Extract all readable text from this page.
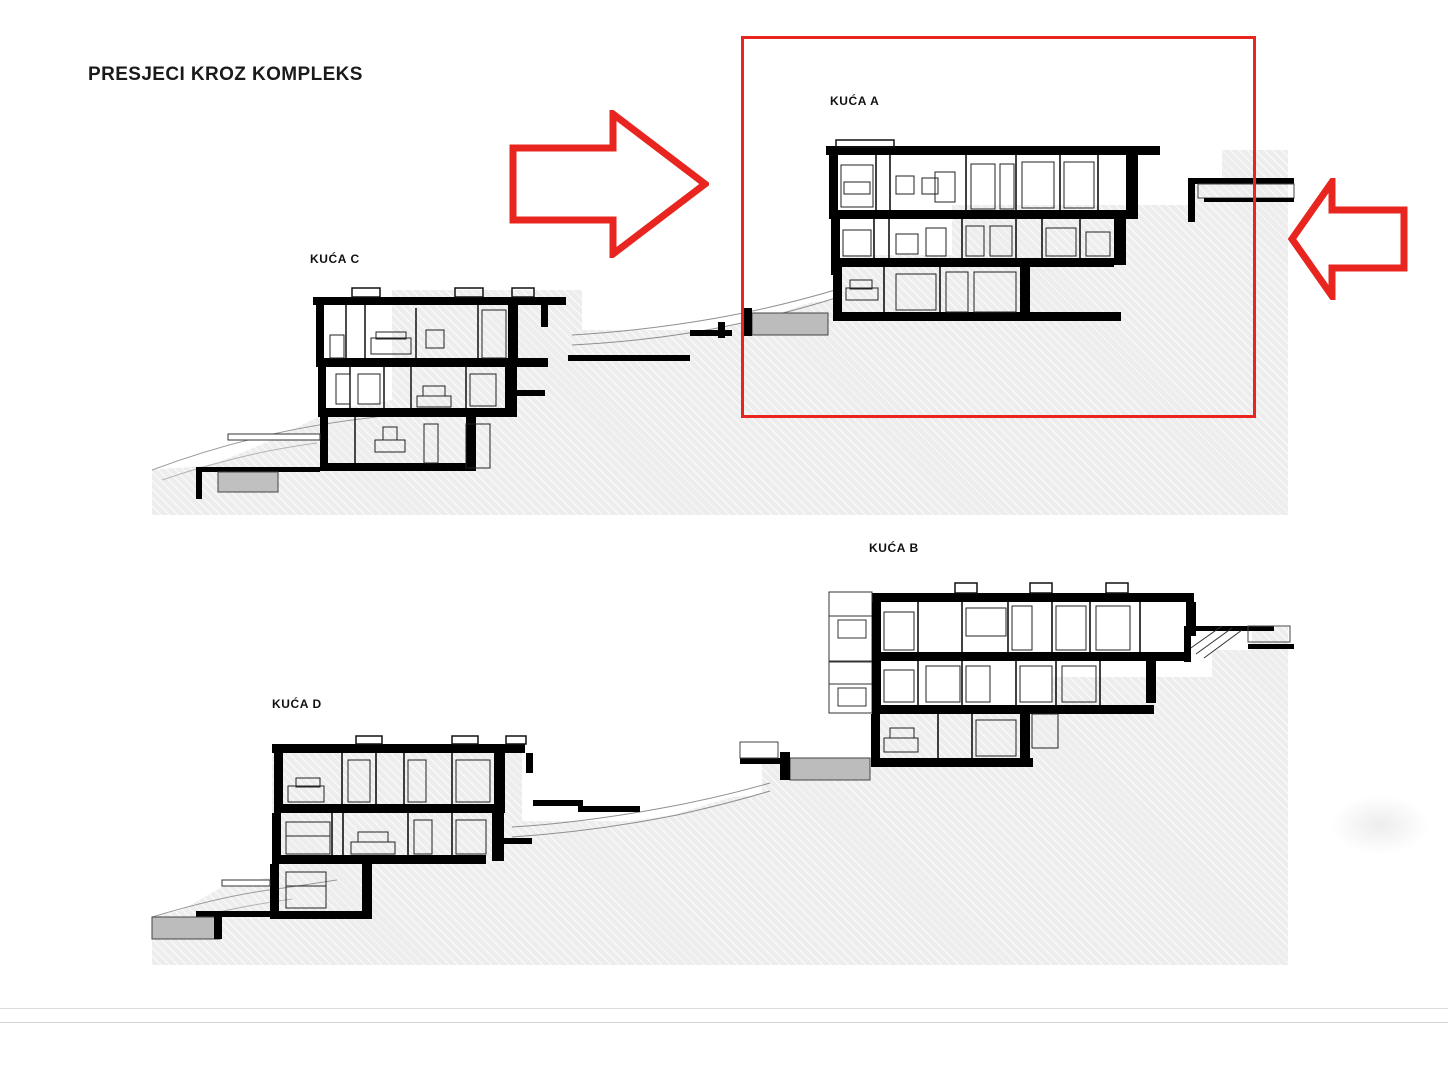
KUĆA C
KUĆA A
KUĆA B
KUĆA D
PRESJECI KROZ KOMPLEKS
